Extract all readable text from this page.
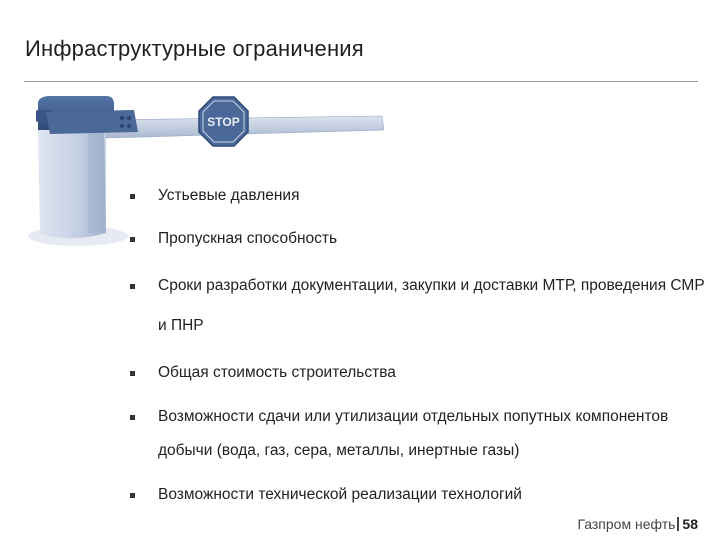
Инфраструктурные ограничения
STOP
Устьевые давления
Пропускная способность
Сроки разработки документации, закупки и доставки МТР, проведения СМР и ПНР
Общая стоимость строительства
Возможности сдачи или утилизации отдельных попутных компонентов добычи (вода, газ, сера, металлы, инертные газы)
Возможности технической реализации технологий
Газпром нефть 58
